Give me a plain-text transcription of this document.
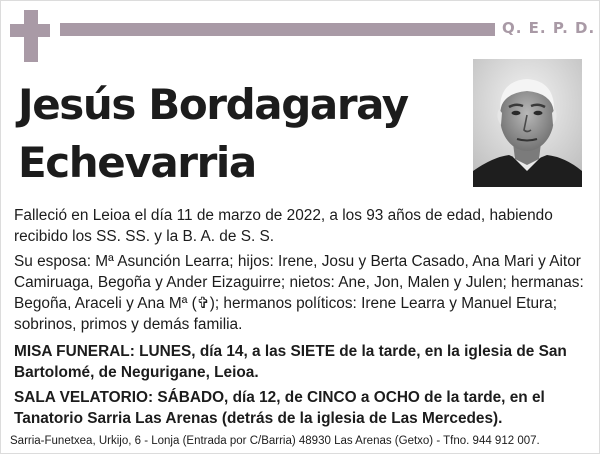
Q. E. P. D.
Jesús Bordagaray
Echevarria

Falleció en Leioa el día 11 de marzo de 2022, a los 93 años de edad, habiendo recibido los SS. SS. y la B. A. de S. S.

Su esposa: Mª Asunción Learra; hijos: Irene, Josu y Berta Casado, Ana Mari y Aitor Camiruaga, Begoña y Ander Eizaguirre; nietos: Ane, Jon, Malen y Julen; hermanas: Begoña, Araceli y Ana Mª (✞); hermanos políticos: Irene Learra y Manuel Etura; sobrinos, primos y demás familia.

MISA FUNERAL: LUNES, día 14, a las SIETE de la tarde, en la iglesia de San Bartolomé, de Negurigane, Leioa.

SALA VELATORIO: SÁBADO, día 12, de CINCO a OCHO de la tarde, en el Tanatorio Sarria Las Arenas (detrás de la iglesia de Las Mercedes).

Sarria-Funetxea, Urkijo, 6 - Lonja (Entrada por C/Barria) 48930 Las Arenas (Getxo) - Tfno. 944 912 007.
